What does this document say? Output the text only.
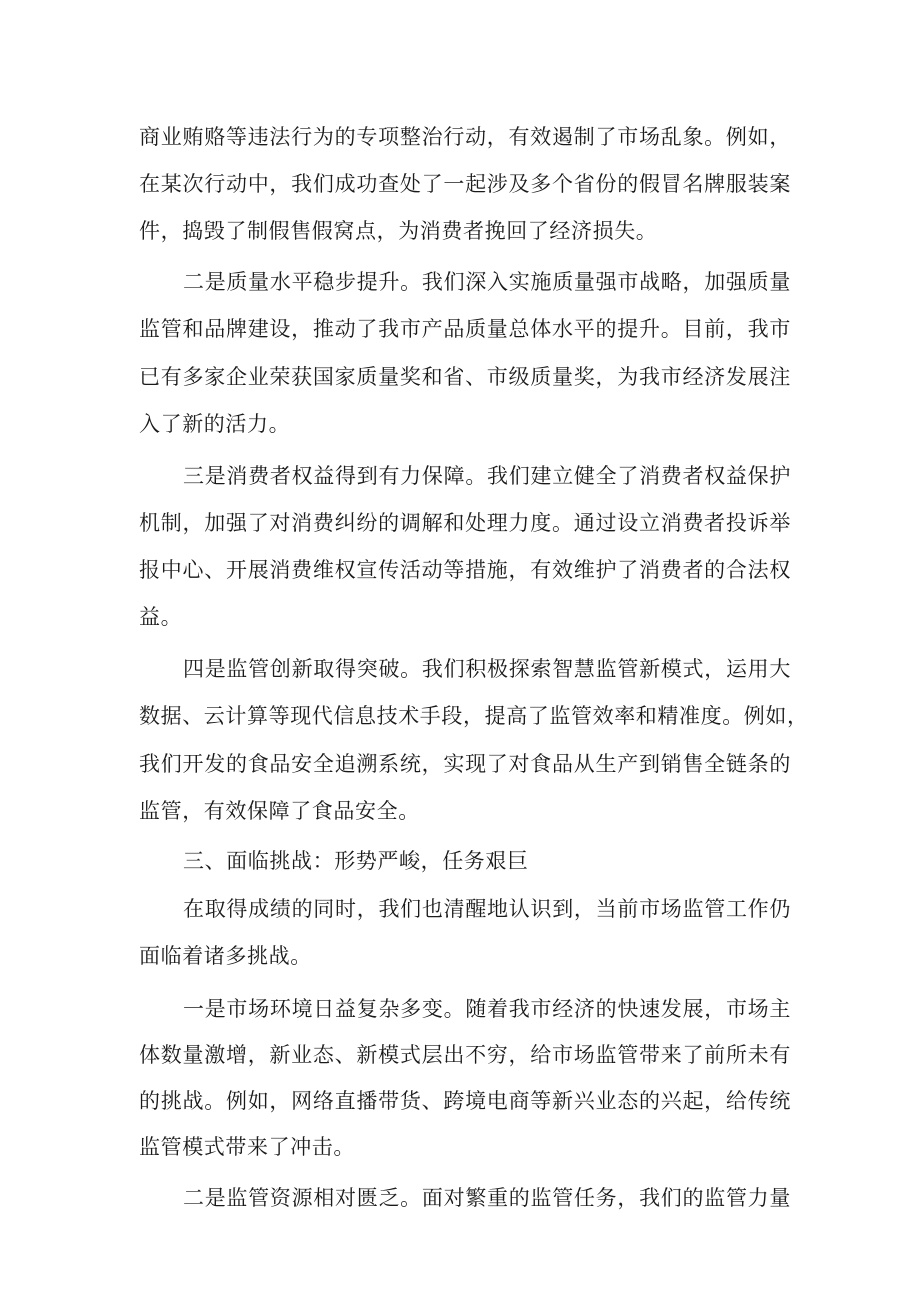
商业贿赂等违法行为的专项整治行动，有效遏制了市场乱象。例如，
在某次行动中，我们成功查处了一起涉及多个省份的假冒名牌服装案
件，捣毁了制假售假窝点，为消费者挽回了经济损失。
二是质量水平稳步提升。我们深入实施质量强市战略，加强质量
监管和品牌建设，推动了我市产品质量总体水平的提升。目前，我市
已有多家企业荣获国家质量奖和省、市级质量奖，为我市经济发展注
入了新的活力。
三是消费者权益得到有力保障。我们建立健全了消费者权益保护
机制，加强了对消费纠纷的调解和处理力度。通过设立消费者投诉举
报中心、开展消费维权宣传活动等措施，有效维护了消费者的合法权
益。
四是监管创新取得突破。我们积极探索智慧监管新模式，运用大
数据、云计算等现代信息技术手段，提高了监管效率和精准度。例如，
我们开发的食品安全追溯系统，实现了对食品从生产到销售全链条的
监管，有效保障了食品安全。
三、面临挑战：形势严峻，任务艰巨
在取得成绩的同时，我们也清醒地认识到，当前市场监管工作仍
面临着诸多挑战。
一是市场环境日益复杂多变。随着我市经济的快速发展，市场主
体数量激增，新业态、新模式层出不穷，给市场监管带来了前所未有
的挑战。例如，网络直播带货、跨境电商等新兴业态的兴起，给传统
监管模式带来了冲击。
二是监管资源相对匮乏。面对繁重的监管任务，我们的监管力量
